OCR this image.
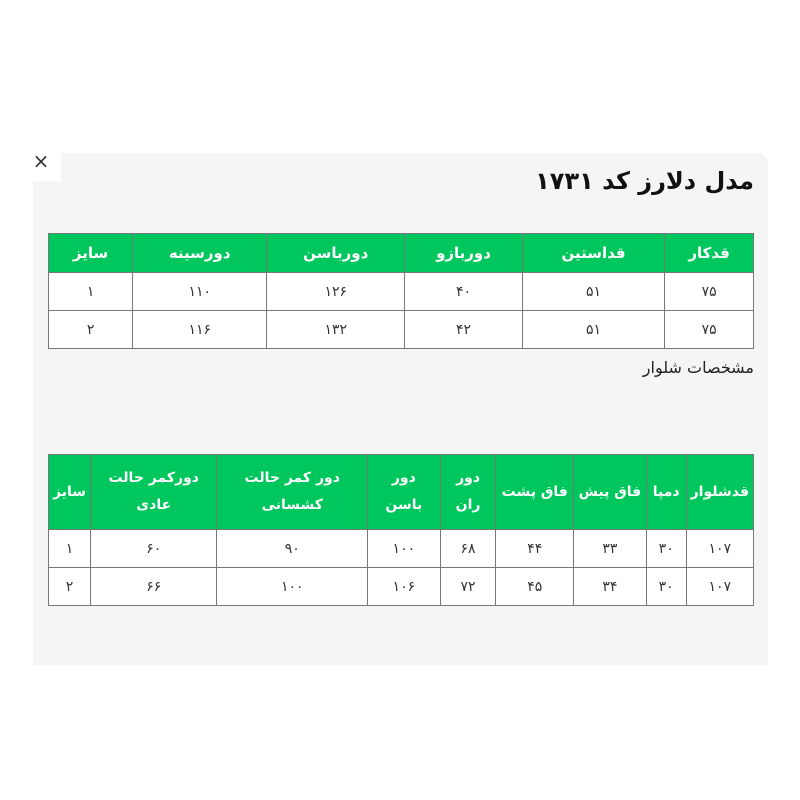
×
مدل دلارز کد ۱۷۳۱
قدکار	قداستین	دوربازو	دورباسن	دورسینه	سایز
۷۵	۵۱	۴۰	۱۲۶	۱۱۰	۱
۷۵	۵۱	۴۲	۱۳۲	۱۱۶	۲

مشخصات شلوار

قدشلوار	دمپا	فاق پیش	فاق پشت	دور ران	دور باسن	دور کمر حالت کشسانی	دورکمر حالت عادی	سایز
۱۰۷	۳۰	۳۳	۴۴	۶۸	۱۰۰	۹۰	۶۰	۱
۱۰۷	۳۰	۳۴	۴۵	۷۲	۱۰۶	۱۰۰	۶۶	۲
